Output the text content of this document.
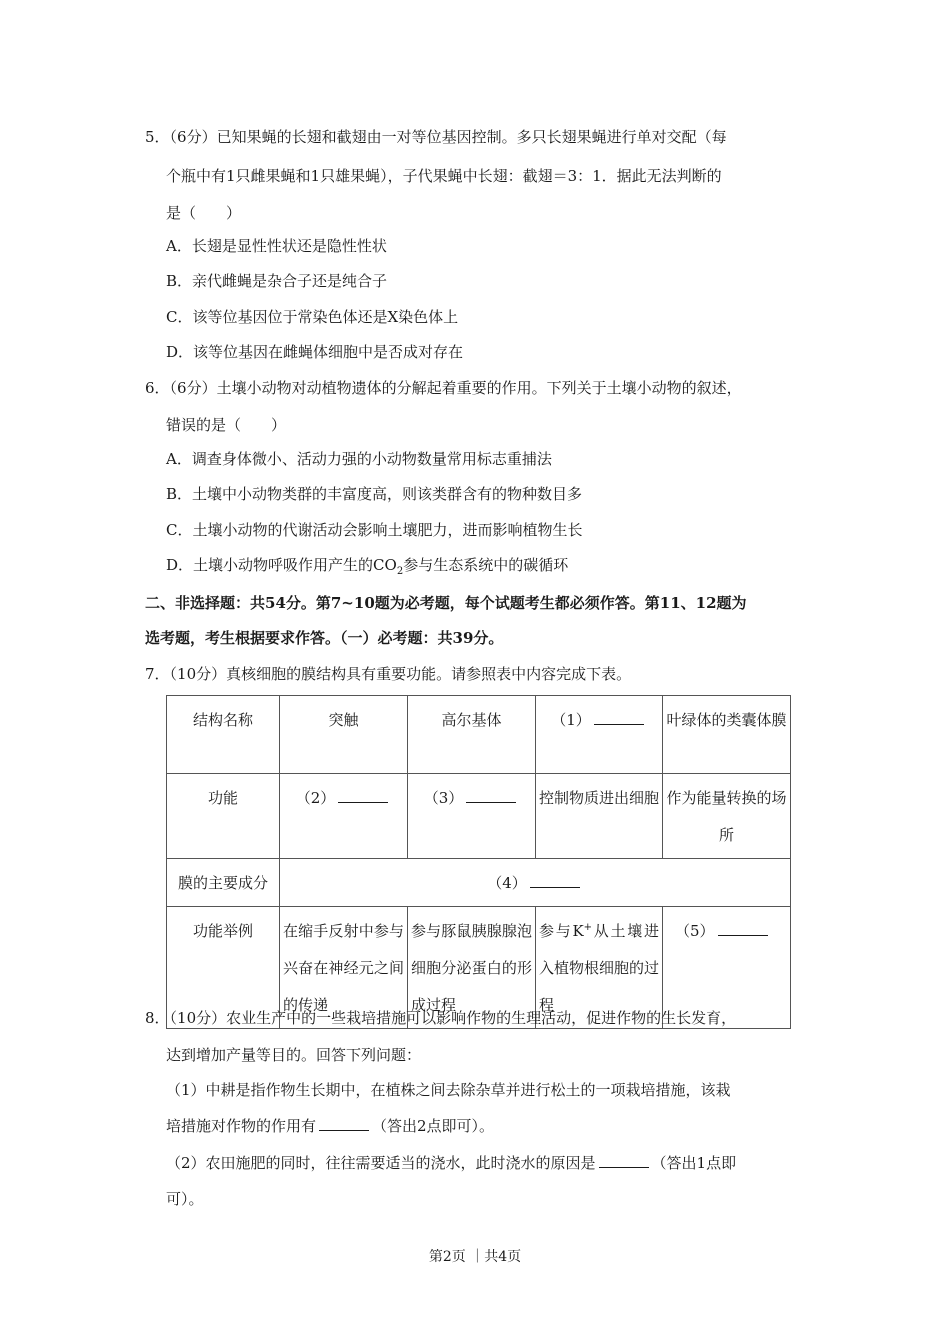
5．（6分）已知果蝇的长翅和截翅由一对等位基因控制。多只长翅果蝇进行单对交配（每
个瓶中有1只雌果蝇和1只雄果蝇），子代果蝇中长翅：截翅＝3：1．据此无法判断的
是（　　）
A．长翅是显性性状还是隐性性状
B．亲代雌蝇是杂合子还是纯合子
C．该等位基因位于常染色体还是X染色体上
D．该等位基因在雌蝇体细胞中是否成对存在
6．（6分）土壤小动物对动植物遗体的分解起着重要的作用。下列关于土壤小动物的叙述，
错误的是（　　）
A．调查身体微小、活动力强的小动物数量常用标志重捕法
B．土壤中小动物类群的丰富度高，则该类群含有的物种数目多
C．土壤小动物的代谢活动会影响土壤肥力，进而影响植物生长
D．土壤小动物呼吸作用产生的$CO_2$参与生态系统中的碳循环
二、非选择题：共54分。第7~10题为必考题，每个试题考生都必须作答。第11、12题为
选考题，考生根据要求作答。（一）必考题：共39分。
7．（10分）真核细胞的膜结构具有重要功能。请参照表中内容完成下表。
结构名称	突触	高尔基体	（1）	叶绿体的类囊体膜
功能	（2）	（3）	控制物质进出细胞	作为能量转换的场所
膜的主要成分	（4）			
功能举例	在缩手反射中参与兴奋在神经元之间的传递	参与豚鼠胰腺腺泡细胞分泌蛋白的形成过程	参与K+从土壤进入植物根细胞的过程	（5）
8．（10分）农业生产中的一些栽培措施可以影响作物的生理活动，促进作物的生长发育，
达到增加产量等目的。回答下列问题：
（1）中耕是指作物生长期中，在植株之间去除杂草并进行松土的一项栽培措施，该栽
培措施对作物的作用有	（答出2点即可）。
（2）农田施肥的同时，往往需要适当的浇水，此时浇水的原因是	（答出1点即
可）。
第2页 ｜共4页
